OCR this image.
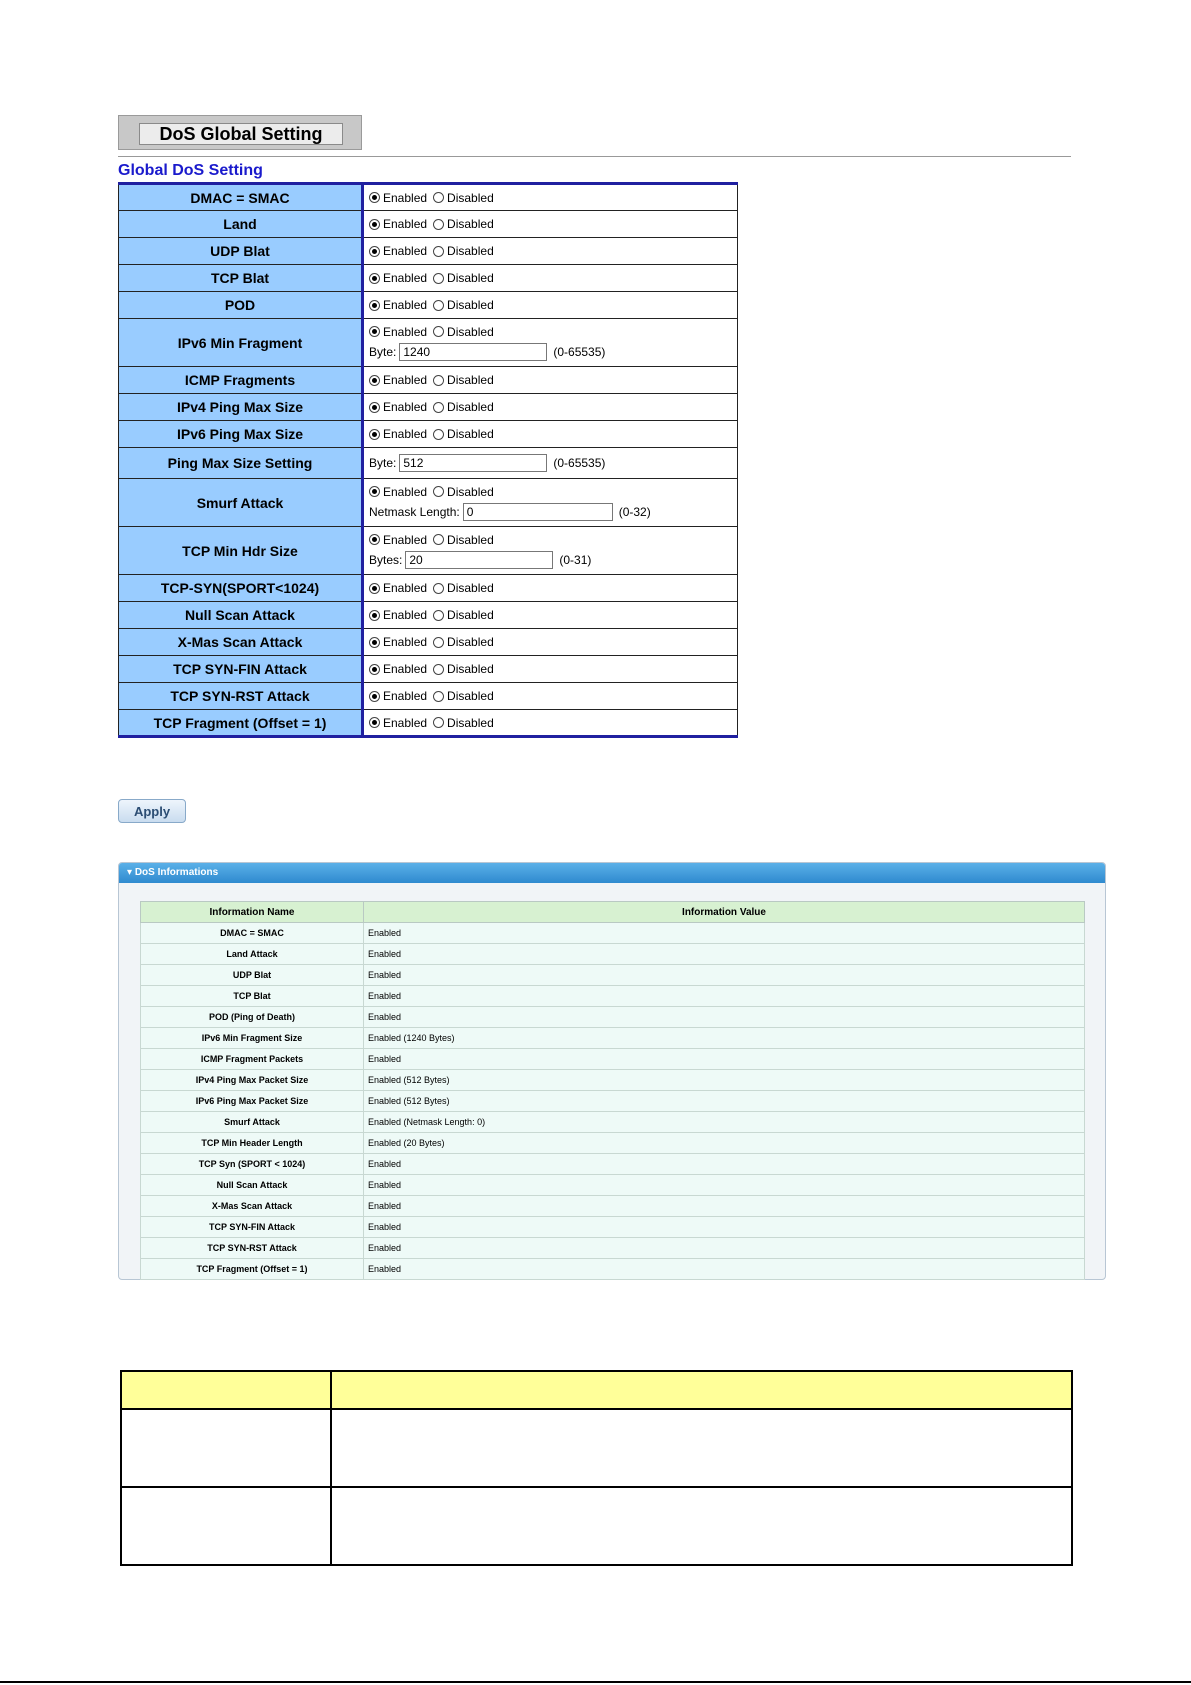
DoS Global Setting
Global DoS Setting
DMAC = SMAC	Enabled Disabled

Land	Enabled Disabled

UDP Blat	Enabled Disabled

TCP Blat	Enabled Disabled

POD	Enabled Disabled

IPv6 Min Fragment	Enabled Disabled
Byte:
1240 (0-65535)

ICMP Fragments	Enabled Disabled

IPv4 Ping Max Size	Enabled Disabled

IPv6 Ping Max Size	Enabled Disabled

Ping Max Size Setting	Byte:
512 (0-65535)

Smurf Attack	Enabled Disabled
Netmask Length:
0 (0-32)

TCP Min Hdr Size	Enabled Disabled
Bytes:
20 (0-31)

TCP-SYN(SPORT<1024)	Enabled Disabled

Null Scan Attack	Enabled Disabled

X-Mas Scan Attack	Enabled Disabled

TCP SYN-FIN Attack	Enabled Disabled

TCP SYN-RST Attack	Enabled Disabled

TCP Fragment (Offset = 1)	Enabled Disabled
Apply
▾ DoS Informations
Information Name	Information Value
DMAC = SMAC	Enabled
Land Attack	Enabled
UDP Blat	Enabled
TCP Blat	Enabled
POD (Ping of Death)	Enabled
IPv6 Min Fragment Size	Enabled (1240 Bytes)
ICMP Fragment Packets	Enabled
IPv4 Ping Max Packet Size	Enabled (512 Bytes)
IPv6 Ping Max Packet Size	Enabled (512 Bytes)
Smurf Attack	Enabled (Netmask Length: 0)
TCP Min Header Length	Enabled (20 Bytes)
TCP Syn (SPORT < 1024)	Enabled
Null Scan Attack	Enabled
X-Mas Scan Attack	Enabled
TCP SYN-FIN Attack	Enabled
TCP SYN-RST Attack	Enabled
TCP Fragment (Offset = 1)	Enabled
